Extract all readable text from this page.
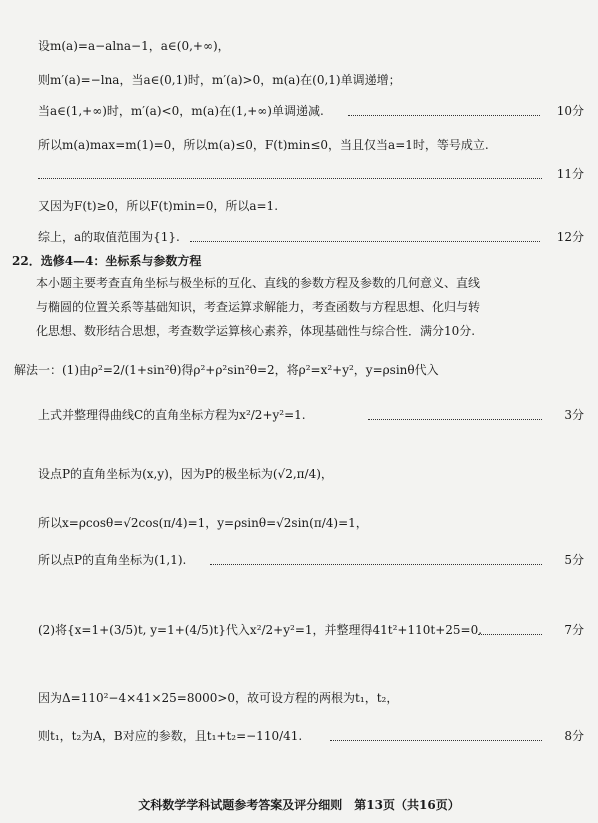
设m(a)=a−alna−1，a∈(0,+∞)，
则m′(a)=−lna，当a∈(0,1)时，m′(a)>0，m(a)在(0,1)单调递增；
当a∈(1,+∞)时，m′(a)<0，m(a)在(1,+∞)单调递减.	10分
所以m(a)max=m(1)=0，所以m(a)≤0，F(t)min≤0，当且仅当a=1时，等号成立.
11分
又因为F(t)≥0，所以F(t)min=0，所以a=1.
综上，a的取值范围为{1}.	12分
22．选修4—4：坐标系与参数方程
本小题主要考查直角坐标与极坐标的互化、直线的参数方程及参数的几何意义、直线
与椭圆的位置关系等基础知识，考查运算求解能力，考查函数与方程思想、化归与转
化思想、数形结合思想，考查数学运算核心素养，体现基础性与综合性．满分10分.
解法一：(1)由ρ²=2/(1+sin²θ)得ρ²+ρ²sin²θ=2，将ρ²=x²+y²，y=ρsinθ代入
上式并整理得曲线C的直角坐标方程为x²/2+y²=1.	3分
设点P的直角坐标为(x,y)，因为P的极坐标为(√2,π/4)，
所以x=ρcosθ=√2cos(π/4)=1，y=ρsinθ=√2sin(π/4)=1，
所以点P的直角坐标为(1,1).	5分
(2)将{x=1+(3/5)t, y=1+(4/5)t}代入x²/2+y²=1，并整理得41t²+110t+25=0.	7分
因为Δ=110²−4×41×25=8000>0，故可设方程的两根为t₁，t₂，
则t₁，t₂为A，B对应的参数，且t₁+t₂=−110/41.	8分
文科数学学科试题参考答案及评分细则　第13页（共16页）
